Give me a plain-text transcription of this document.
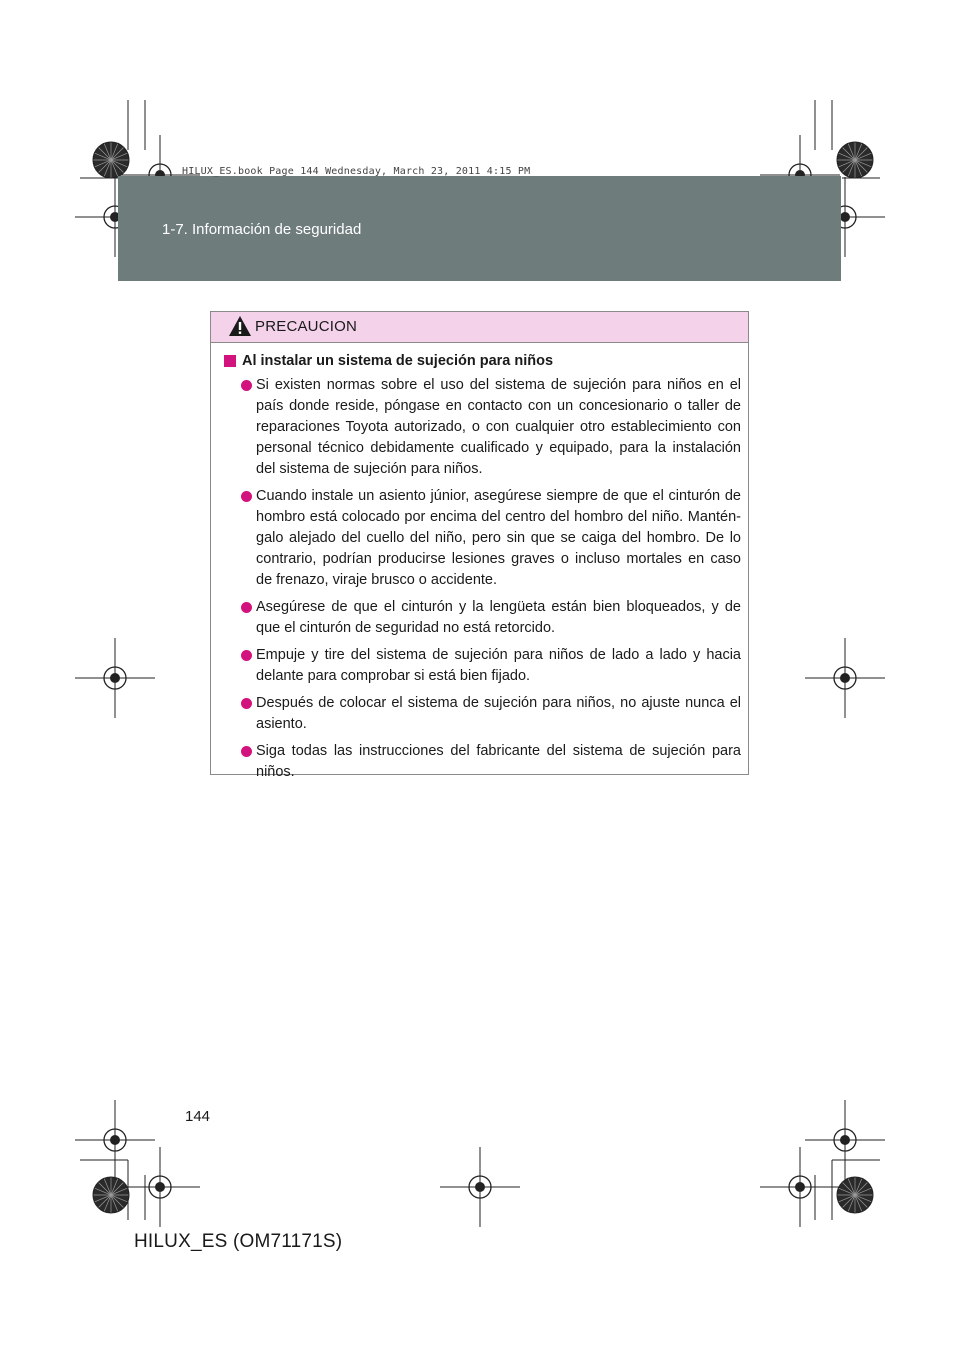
HILUX_ES.book Page 144 Wednesday, March 23, 2011 4:15 PM
1-7. Información de seguridad
PRECAUCION
Al instalar un sistema de sujeción para niños
Si existen normas sobre el uso del sistema de sujeción para niños en el país donde reside, póngase en contacto con un concesionario o taller de reparaciones Toyota autorizado, o con cualquier otro establecimiento con personal técnico debidamente cualificado y equipado, para la instalación del sistema de sujeción para niños.
Cuando instale un asiento júnior, asegúrese siempre de que el cinturón de hombro está colocado por encima del centro del hombro del niño. Mantén-galo alejado del cuello del niño, pero sin que se caiga del hombro. De lo contrario, podrían producirse lesiones graves o incluso mortales en caso de frenazo, viraje brusco o accidente.
Asegúrese de que el cinturón y la lengüeta están bien bloqueados, y de que el cinturón de seguridad no está retorcido.
Empuje y tire del sistema de sujeción para niños de lado a lado y hacia delante para comprobar si está bien fijado.
Después de colocar el sistema de sujeción para niños, no ajuste nunca el asiento.
Siga todas las instrucciones del fabricante del sistema de sujeción para niños.
144
HILUX_ES (OM71171S)
